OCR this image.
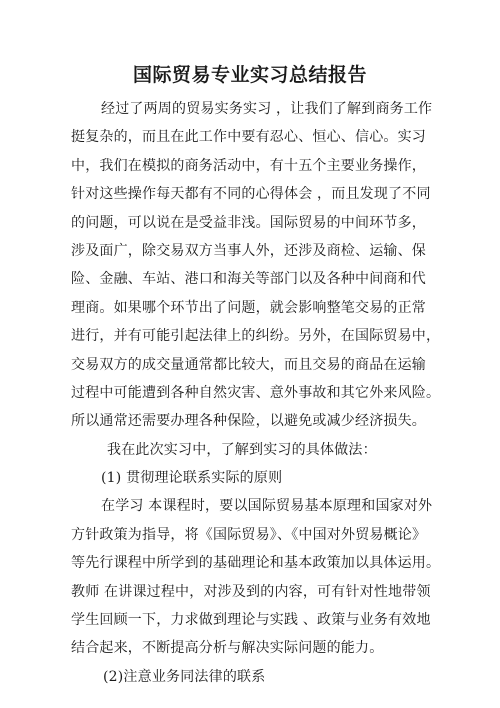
国际贸易专业实习总结报告
经过了两周的贸易实务实习 ，让我们了解到商务工作
挺复杂的，而且在此工作中要有忍心、恒心、信心。实习
中，我们在模拟的商务活动中，有十五个主要业务操作，
针对这些操作每天都有不同的心得体会 ，而且发现了不同
的问题，可以说在是受益非浅。国际贸易的中间环节多，
涉及面广，除交易双方当事人外，还涉及商检、运输、保
险、金融、车站、港口和海关等部门以及各种中间商和代
理商。如果哪个环节出了问题，就会影响整笔交易的正常
进行，并有可能引起法律上的纠纷。另外，在国际贸易中，
交易双方的成交量通常都比较大，而且交易的商品在运输
过程中可能遭到各种自然灾害、意外事故和其它外来风险。
所以通常还需要办理各种保险，以避免或减少经济损失。
我在此次实习中，了解到实习的具体做法：
(1) 贯彻理论联系实际的原则
在学习 本课程时，要以国际贸易基本原理和国家对外
方针政策为指导，将《国际贸易》、《中国对外贸易概论》
等先行课程中所学到的基础理论和基本政策加以具体运用。
教师 在讲课过程中，对涉及到的内容，可有针对性地带领
学生回顾一下，力求做到理论与实践 、政策与业务有效地
结合起来，不断提高分析与解决实际问题的能力。
(2)注意业务同法律的联系
